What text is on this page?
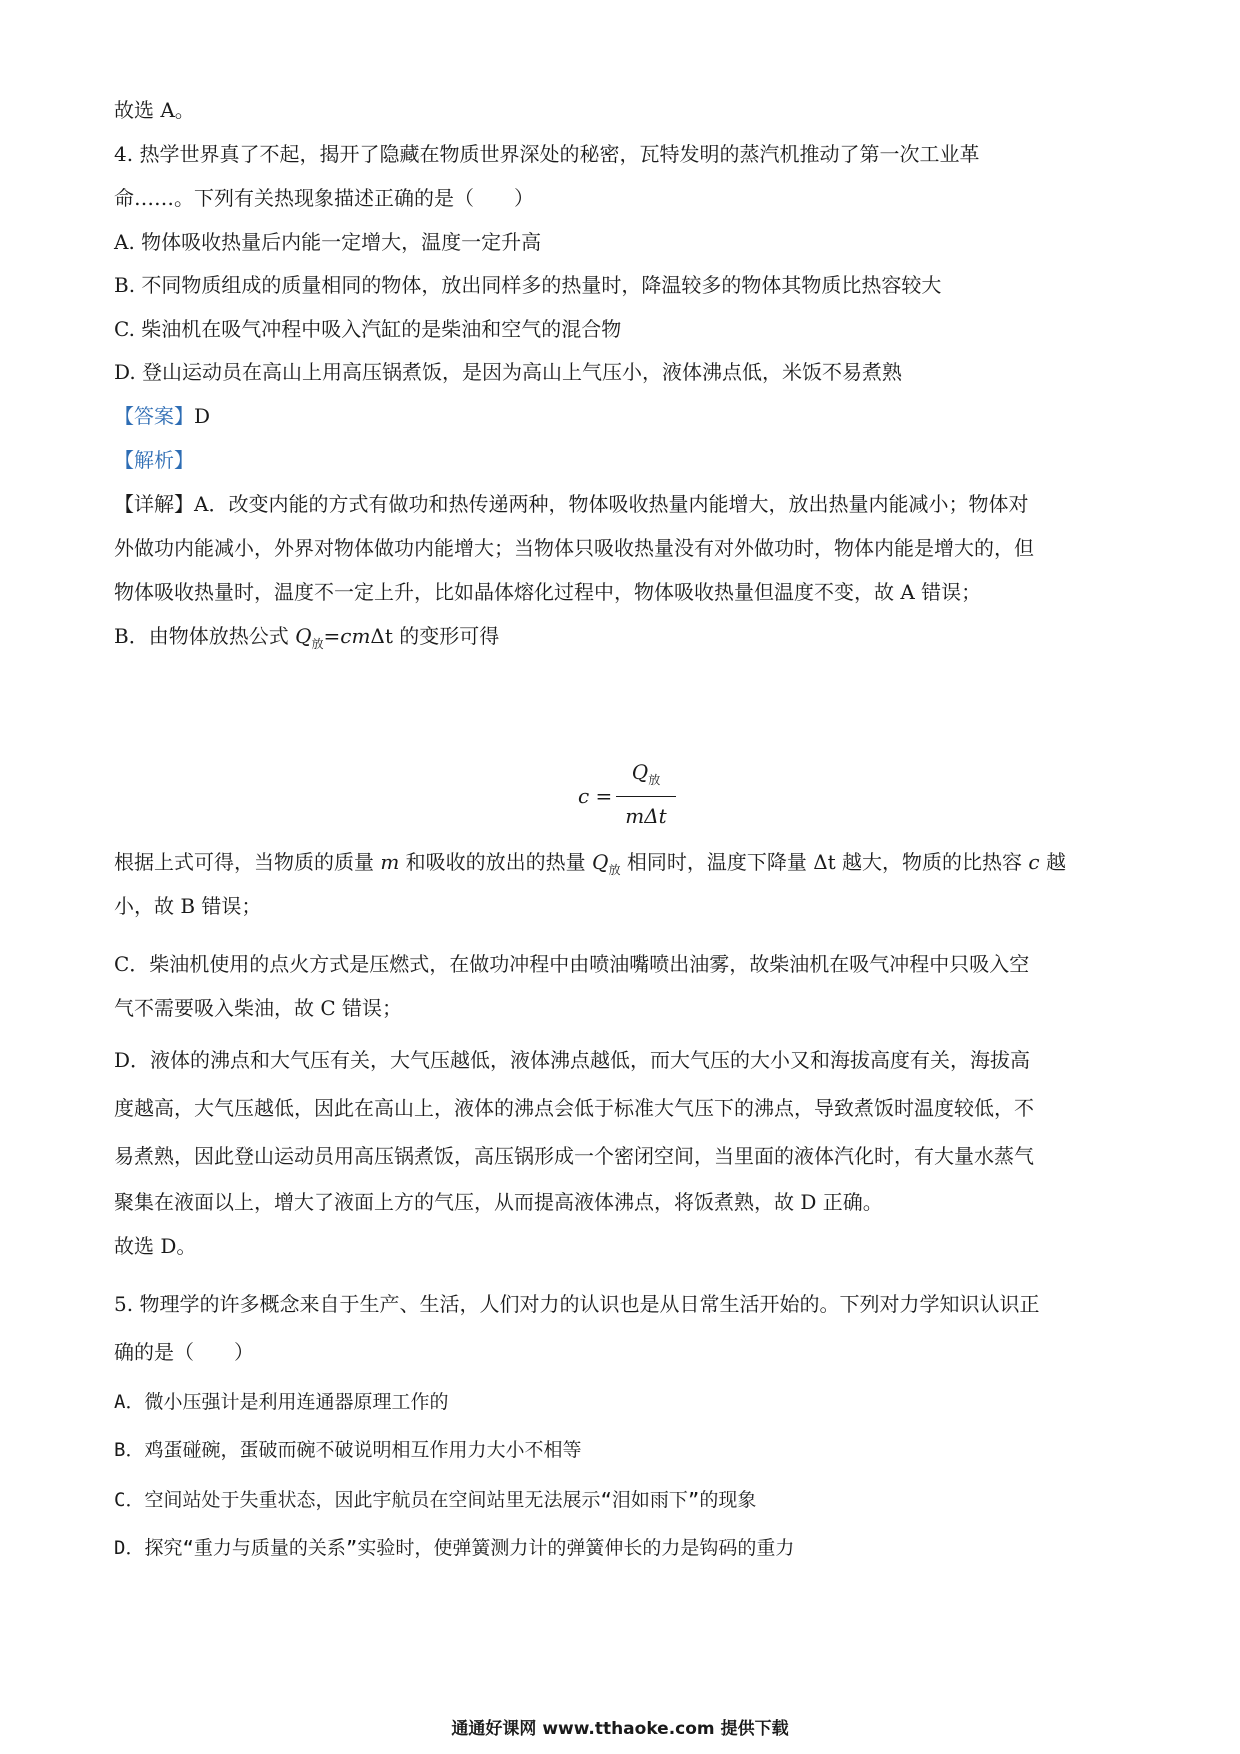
故选 A。
4. 热学世界真了不起，揭开了隐藏在物质世界深处的秘密，瓦特发明的蒸汽机推动了第一次工业革
命……。下列有关热现象描述正确的是（　　）
A. 物体吸收热量后内能一定增大，温度一定升高
B. 不同物质组成的质量相同的物体，放出同样多的热量时，降温较多的物体其物质比热容较大
C. 柴油机在吸气冲程中吸入汽缸的是柴油和空气的混合物
D. 登山运动员在高山上用高压锅煮饭，是因为高山上气压小，液体沸点低，米饭不易煮熟
【答案】D
【解析】
【详解】A．改变内能的方式有做功和热传递两种，物体吸收热量内能增大，放出热量内能减小；物体对
外做功内能减小，外界对物体做功内能增大；当物体只吸收热量没有对外做功时，物体内能是增大的，但
物体吸收热量时，温度不一定上升，比如晶体熔化过程中，物体吸收热量但温度不变，故 A 错误；
B．由物体放热公式 $Q_放=cm\Delta t$ 的变形可得
c =
$Q_放$
mΔt
根据上式可得，当物质的质量 m 和吸收的放出的热量 $Q_放$ 相同时，温度下降量 Δt 越大，物质的比热容 c 越
小，故 B 错误；
C．柴油机使用的点火方式是压燃式，在做功冲程中由喷油嘴喷出油雾，故柴油机在吸气冲程中只吸入空
气不需要吸入柴油，故 C 错误；
D．液体的沸点和大气压有关，大气压越低，液体沸点越低，而大气压的大小又和海拔高度有关，海拔高
度越高，大气压越低，因此在高山上，液体的沸点会低于标准大气压下的沸点，导致煮饭时温度较低，不
易煮熟，因此登山运动员用高压锅煮饭，高压锅形成一个密闭空间，当里面的液体汽化时，有大量水蒸气
聚集在液面以上，增大了液面上方的气压，从而提高液体沸点，将饭煮熟，故 D 正确。
故选 D。
5. 物理学的许多概念来自于生产、生活，人们对力的认识也是从日常生活开始的。下列对力学知识认识正
确的是（　　）
A．微小压强计是利用连通器原理工作的
B．鸡蛋碰碗，蛋破而碗不破说明相互作用力大小不相等
C．空间站处于失重状态，因此宇航员在空间站里无法展示“泪如雨下”的现象
D．探究“重力与质量的关系”实验时，使弹簧测力计的弹簧伸长的力是钩码的重力
通通好课网 www.tthaoke.com 提供下载
